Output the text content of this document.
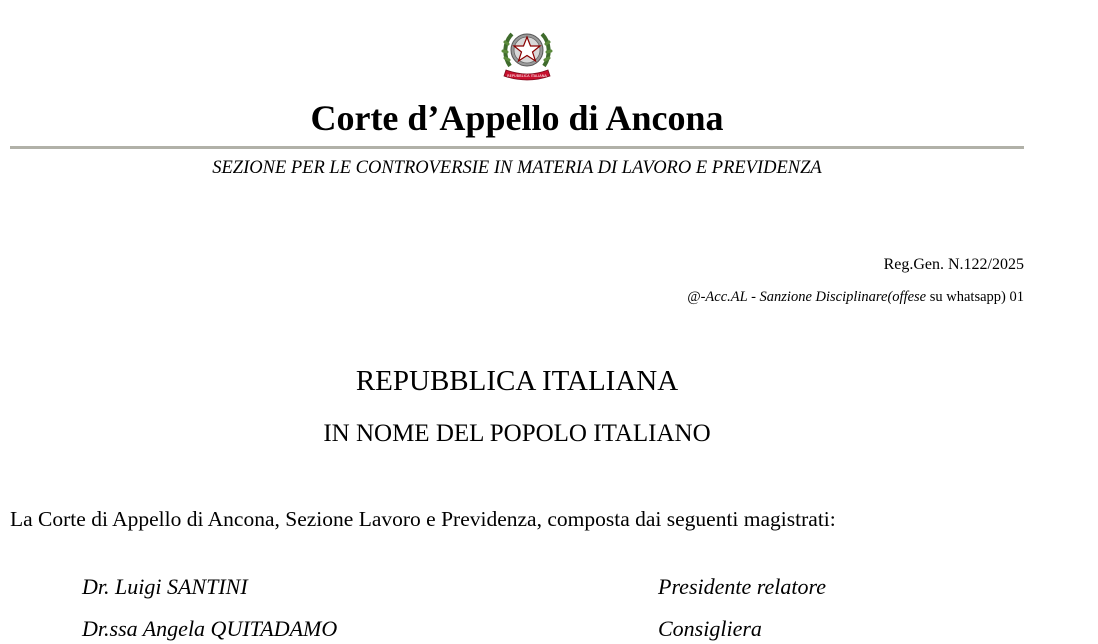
REPUBBLICA ITALIANA
Corte d’Appello di Ancona
SEZIONE PER LE CONTROVERSIE IN MATERIA DI LAVORO E PREVIDENZA
Reg.Gen. N.122/2025
@-Acc.AL - Sanzione Disciplinare(offese su whatsapp) 01
REPUBBLICA ITALIANA
IN NOME DEL POPOLO ITALIANO
La Corte di Appello di Ancona, Sezione Lavoro e Previdenza, composta dai seguenti magistrati:
Dr. Luigi SANTINI	Presidente relatore
Dr.ssa Angela QUITADAMO	Consigliera
